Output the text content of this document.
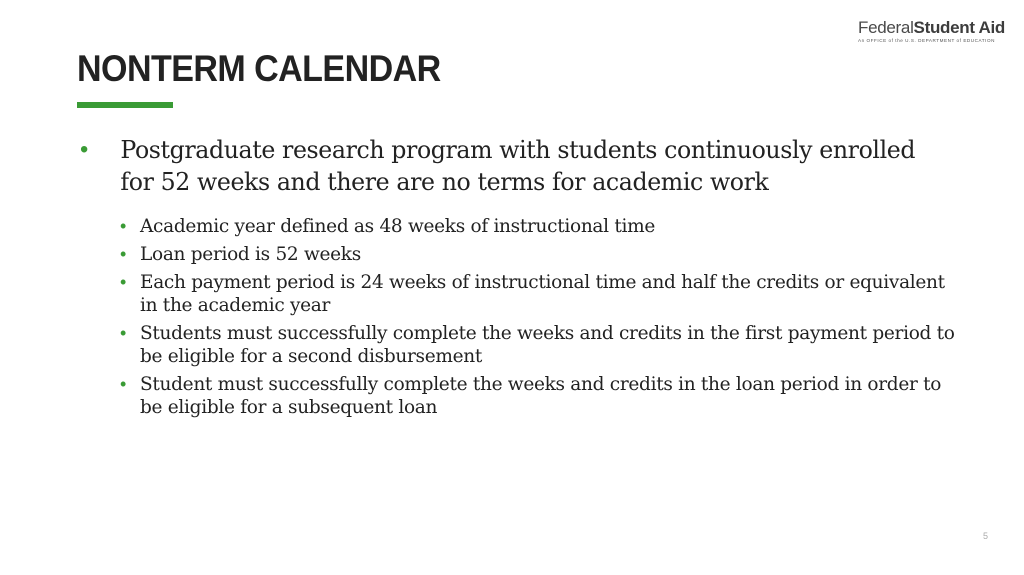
FederalStudent Aid
An OFFICE of the U.S. DEPARTMENT of EDUCATION
NONTERM CALENDAR
• Postgraduate research program with students continuously enrolled for 52 weeks and there are no terms for academic work
• Academic year defined as 48 weeks of instructional time
• Loan period is 52 weeks
• Each payment period is 24 weeks of instructional time and half the credits or equivalent in the academic year
• Students must successfully complete the weeks and credits in the first payment period to be eligible for a second disbursement
• Student must successfully complete the weeks and credits in the loan period in order to be eligible for a subsequent loan
5
